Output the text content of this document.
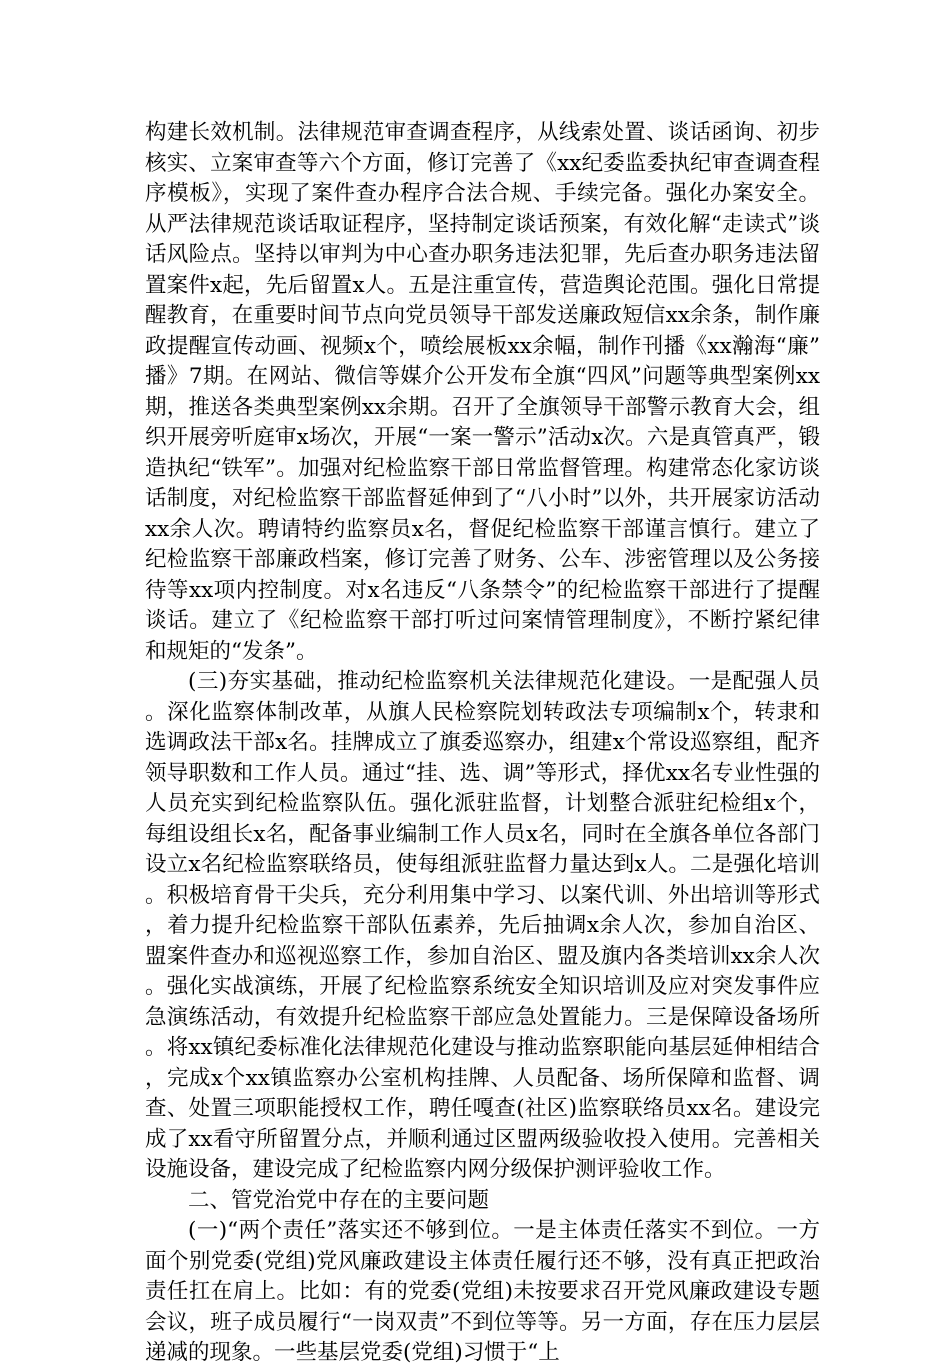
构建长效机制。法律规范审查调查程序，从线索处置、谈话函询、初步核实、立案审查等六个方面，修订完善了《xx纪委监委执纪审查调查程序模板》，实现了案件查办程序合法合规、手续完备。强化办案安全。从严法律规范谈话取证程序，坚持制定谈话预案，有效化解“走读式”谈话风险点。坚持以审判为中心查办职务违法犯罪，先后查办职务违法留置案件x起，先后留置x人。五是注重宣传，营造舆论范围。强化日常提醒教育，在重要时间节点向党员领导干部发送廉政短信xx余条，制作廉政提醒宣传动画、视频x个，喷绘展板xx余幅，制作刊播《xx瀚海“廉”播》7期。在网站、微信等媒介公开发布全旗“四风”问题等典型案例xx期，推送各类典型案例xx余期。召开了全旗领导干部警示教育大会，组织开展旁听庭审x场次，开展“一案一警示”活动x次。六是真管真严，锻造执纪“铁军”。加强对纪检监察干部日常监督管理。构建常态化家访谈话制度，对纪检监察干部监督延伸到了“八小时”以外，共开展家访活动xx余人次。聘请特约监察员x名，督促纪检监察干部谨言慎行。建立了纪检监察干部廉政档案，修订完善了财务、公车、涉密管理以及公务接待等xx项内控制度。对x名违反“八条禁令”的纪检监察干部进行了提醒谈话。建立了《纪检监察干部打听过问案情管理制度》，不断拧紧纪律和规矩的“发条”。

(三)夯实基础，推动纪检监察机关法律规范化建设。一是配强人员。深化监察体制改革，从旗人民检察院划转政法专项编制x个，转隶和选调政法干部x名。挂牌成立了旗委巡察办，组建x个常设巡察组，配齐领导职数和工作人员。通过“挂、选、调”等形式，择优xx名专业性强的人员充实到纪检监察队伍。强化派驻监督，计划整合派驻纪检组x个，每组设组长x名，配备事业编制工作人员x名，同时在全旗各单位各部门设立x名纪检监察联络员，使每组派驻监督力量达到x人。二是强化培训。积极培育骨干尖兵，充分利用集中学习、以案代训、外出培训等形式，着力提升纪检监察干部队伍素养，先后抽调x余人次，参加自治区、盟案件查办和巡视巡察工作，参加自治区、盟及旗内各类培训xx余人次。强化实战演练，开展了纪检监察系统安全知识培训及应对突发事件应急演练活动，有效提升纪检监察干部应急处置能力。三是保障设备场所。将xx镇纪委标准化法律规范化建设与推动监察职能向基层延伸相结合，完成x个xx镇监察办公室机构挂牌、人员配备、场所保障和监督、调查、处置三项职能授权工作，聘任嘎查(社区)监察联络员xx名。建设完成了xx看守所留置分点，并顺利通过区盟两级验收投入使用。完善相关设施设备，建设完成了纪检监察内网分级保护测评验收工作。

二、管党治党中存在的主要问题

(一)“两个责任”落实还不够到位。一是主体责任落实不到位。一方面个别党委(党组)党风廉政建设主体责任履行还不够，没有真正把政治责任扛在肩上。比如：有的党委(党组)未按要求召开党风廉政建设专题会议，班子成员履行“一岗双责”不到位等等。另一方面，存在压力层层递减的现象。一些基层党委(党组)习惯于“上
